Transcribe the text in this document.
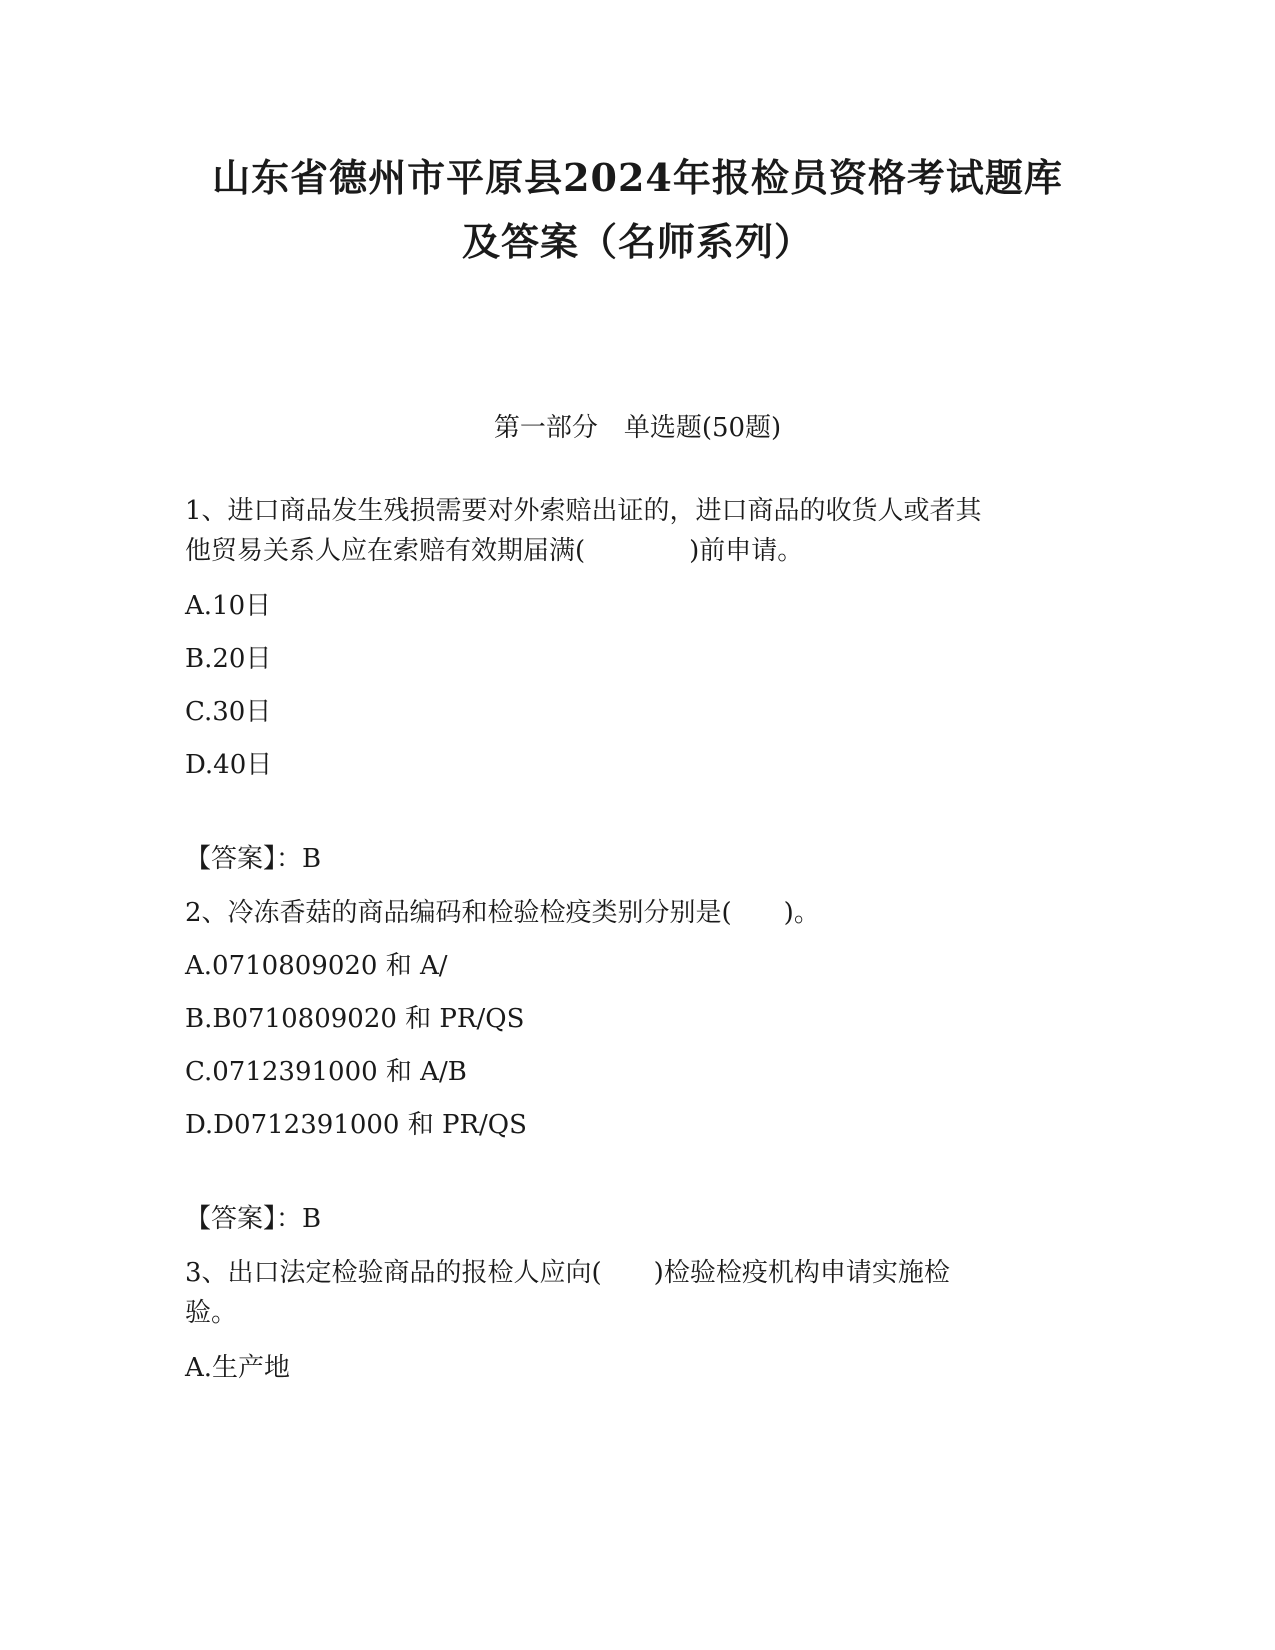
山东省德州市平原县2024年报检员资格考试题库
及答案（名师系列）
第一部分　单选题(50题)
1、进口商品发生残损需要对外索赔出证的，进口商品的收货人或者其
他贸易关系人应在索赔有效期届满(　　　　)前申请。
A.10日
B.20日
C.30日
D.40日
【答案】：B
2、冷冻香菇的商品编码和检验检疫类别分别是(　　)。
A.0710809020 和 A/
B.B0710809020 和 PR/QS
C.0712391000 和 A/B
D.D0712391000 和 PR/QS
【答案】：B
3、出口法定检验商品的报检人应向(　　)检验检疫机构申请实施检
验。
A.生产地
